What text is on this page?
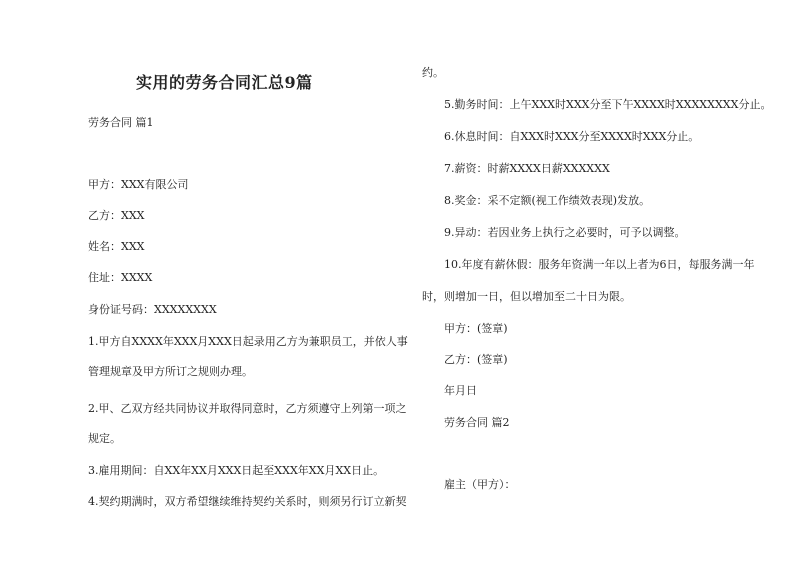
实用的劳务合同汇总9篇
劳务合同 篇1
甲方：XXX有限公司
乙方：XXX
姓名：XXX
住址：XXXX
身份证号码：XXXXXXXX
1.甲方自XXXX年XXX月XXX日起录用乙方为兼职员工，并依人事
管理规章及甲方所订之规则办理。
2.甲、乙双方经共同协议并取得同意时，乙方须遵守上列第一项之
规定。
3.雇用期间：自XX年XX月XXX日起至XXX年XX月XX日止。
4.契约期满时，双方希望继续维持契约关系时，则须另行订立新契
约。
5.勤务时间：上午XXX时XXX分至下午XXXX时XXXXXXXX分止。
6.休息时间：自XXX时XXX分至XXXX时XXX分止。
7.薪资：时薪XXXX日薪XXXXXX
8.奖金：采不定额(视工作绩效表现)发放。
9.异动：若因业务上执行之必要时，可予以调整。
10.年度有薪休假：服务年资满一年以上者为6日，每服务满一年
时，则增加一日，但以增加至二十日为限。
甲方：(签章)
乙方：(签章)
年月日
劳务合同 篇2
雇主（甲方）：
